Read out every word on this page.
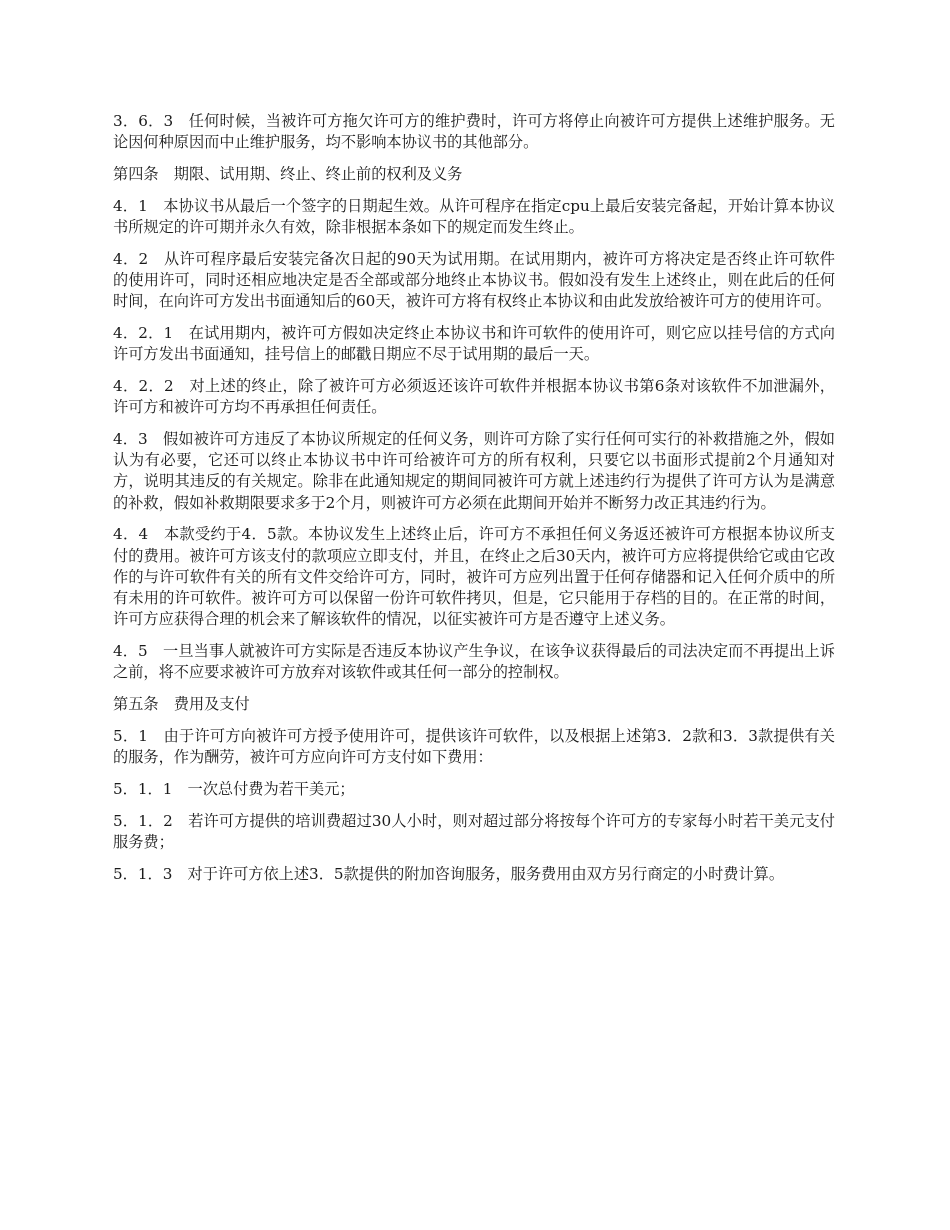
3．6．3　任何时候，当被许可方拖欠许可方的维护费时，许可方将停止向被许可方提供上述维护服务。无论因何种原因而中止维护服务，均不影响本协议书的其他部分。

第四条　期限、试用期、终止、终止前的权利及义务

4．1　本协议书从最后一个签字的日期起生效。从许可程序在指定cpu上最后安装完备起，开始计算本协议书所规定的许可期并永久有效，除非根据本条如下的规定而发生终止。

4．2　从许可程序最后安装完备次日起的90天为试用期。在试用期内，被许可方将决定是否终止许可软件的使用许可，同时还相应地决定是否全部或部分地终止本协议书。假如没有发生上述终止，则在此后的任何时间，在向许可方发出书面通知后的60天，被许可方将有权终止本协议和由此发放给被许可方的使用许可。

4．2．1　在试用期内，被许可方假如决定终止本协议书和许可软件的使用许可，则它应以挂号信的方式向许可方发出书面通知，挂号信上的邮戳日期应不尽于试用期的最后一天。

4．2．2　对上述的终止，除了被许可方必须返还该许可软件并根据本协议书第6条对该软件不加泄漏外，许可方和被许可方均不再承担任何责任。

4．3　假如被许可方违反了本协议所规定的任何义务，则许可方除了实行任何可实行的补救措施之外，假如认为有必要，它还可以终止本协议书中许可给被许可方的所有权利，只要它以书面形式提前2个月通知对方，说明其违反的有关规定。除非在此通知规定的期间同被许可方就上述违约行为提供了许可方认为是满意的补救，假如补救期限要求多于2个月，则被许可方必须在此期间开始并不断努力改正其违约行为。

4．4　本款受约于4．5款。本协议发生上述终止后，许可方不承担任何义务返还被许可方根据本协议所支付的费用。被许可方该支付的款项应立即支付，并且，在终止之后30天内，被许可方应将提供给它或由它改作的与许可软件有关的所有文件交给许可方，同时，被许可方应列出置于任何存储器和记入任何介质中的所有未用的许可软件。被许可方可以保留一份许可软件拷贝，但是，它只能用于存档的目的。在正常的时间，许可方应获得合理的机会来了解该软件的情况，以征实被许可方是否遵守上述义务。

4．5　一旦当事人就被许可方实际是否违反本协议产生争议，在该争议获得最后的司法决定而不再提出上诉之前，将不应要求被许可方放弃对该软件或其任何一部分的控制权。

第五条　费用及支付

5．1　由于许可方向被许可方授予使用许可，提供该许可软件，以及根据上述第3．2款和3．3款提供有关的服务，作为酬劳，被许可方应向许可方支付如下费用：

5．1．1　一次总付费为若干美元；

5．1．2　若许可方提供的培训费超过30人小时，则对超过部分将按每个许可方的专家每小时若干美元支付服务费；

5．1．3　对于许可方依上述3．5款提供的附加咨询服务，服务费用由双方另行商定的小时费计算。
